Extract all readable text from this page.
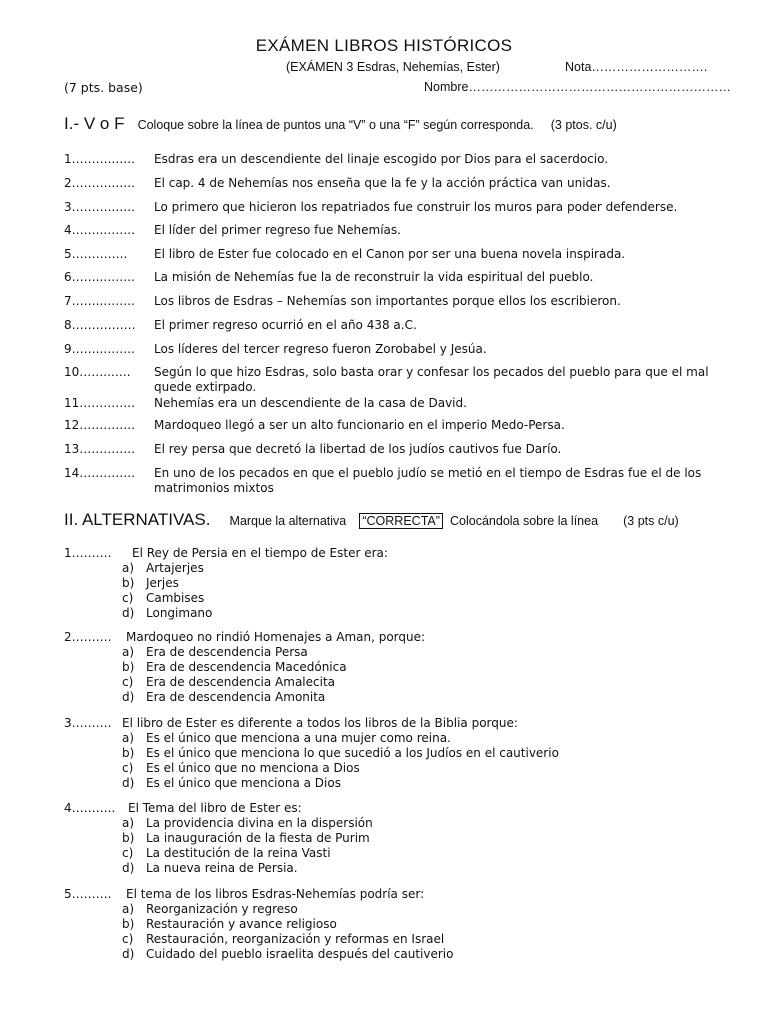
EXÁMEN LIBROS HISTÓRICOS
(EXÁMEN 3 Esdras, Nehemías, Ester)	Nota……………………….
(7 pts. base)	Nombre………………………………………………………
I.- V o F Coloque sobre la línea de puntos una “V” o una “F” según corresponda. (3 ptos. c/u)
1………..….. Esdras era un descendiente del linaje escogido por Dios para el sacerdocio.
2………..….. El cap. 4 de Nehemías nos enseña que la fe y la acción práctica van unidas.
3………..….. Lo primero que hicieron los repatriados fue construir los muros para poder defenderse.
4……..…….. El líder del primer regreso fue Nehemías.
5………….. El libro de Ester fue colocado en el Canon por ser una buena novela inspirada.
6……..…….. La misión de Nehemías fue la de reconstruir la vida espiritual del pueblo.
7……..…….. Los libros de Esdras – Nehemías son importantes porque ellos los escribieron.
8……………. El primer regreso ocurrió en el año 438 a.C.
9……..…….. Los líderes del tercer regreso fueron Zorobabel y Jesúa.
10……..….. Según lo que hizo Esdras, solo basta orar y confesar los pecados del pueblo para que el mal quede extirpado.
11………….. Nehemías era un descendiente de la casa de David.
12………….. Mardoqueo llegó a ser un alto funcionario en el imperio Medo-Persa.
13………….. El rey persa que decretó la libertad de los judíos cautivos fue Darío.
14………….. En uno de los pecados en que el pueblo judío se metió en el tiempo de Esdras fue el de los matrimonios mixtos
II. ALTERNATIVAS. Marque la alternativa “CORRECTA” Colocándola sobre la línea (3 pts c/u)
1………. El Rey de Persia en el tiempo de Ester era:
a) Artajerjes
b) Jerjes
c) Cambises
d) Longimano
2………. Mardoqueo no rindió Homenajes a Aman, porque:
a) Era de descendencia Persa
b) Era de descendencia Macedónica
c) Era de descendencia Amalecita
d) Era de descendencia Amonita
3………. El libro de Ester es diferente a todos los libros de la Biblia porque:
a) Es el único que menciona a una mujer como reina.
b) Es el único que menciona lo que sucedió a los Judíos en el cautiverio
c) Es el único que no menciona a Dios
d) Es el único que menciona a Dios
4……….. El Tema del libro de Ester es:
a) La providencia divina en la dispersión
b) La inauguración de la fiesta de Purim
c) La destitución de la reina Vasti
d) La nueva reina de Persia.
5………. El tema de los libros Esdras-Nehemías podría ser:
a) Reorganización y regreso
b) Restauración y avance religioso
c) Restauración, reorganización y reformas en Israel
d) Cuidado del pueblo israelita después del cautiverio
